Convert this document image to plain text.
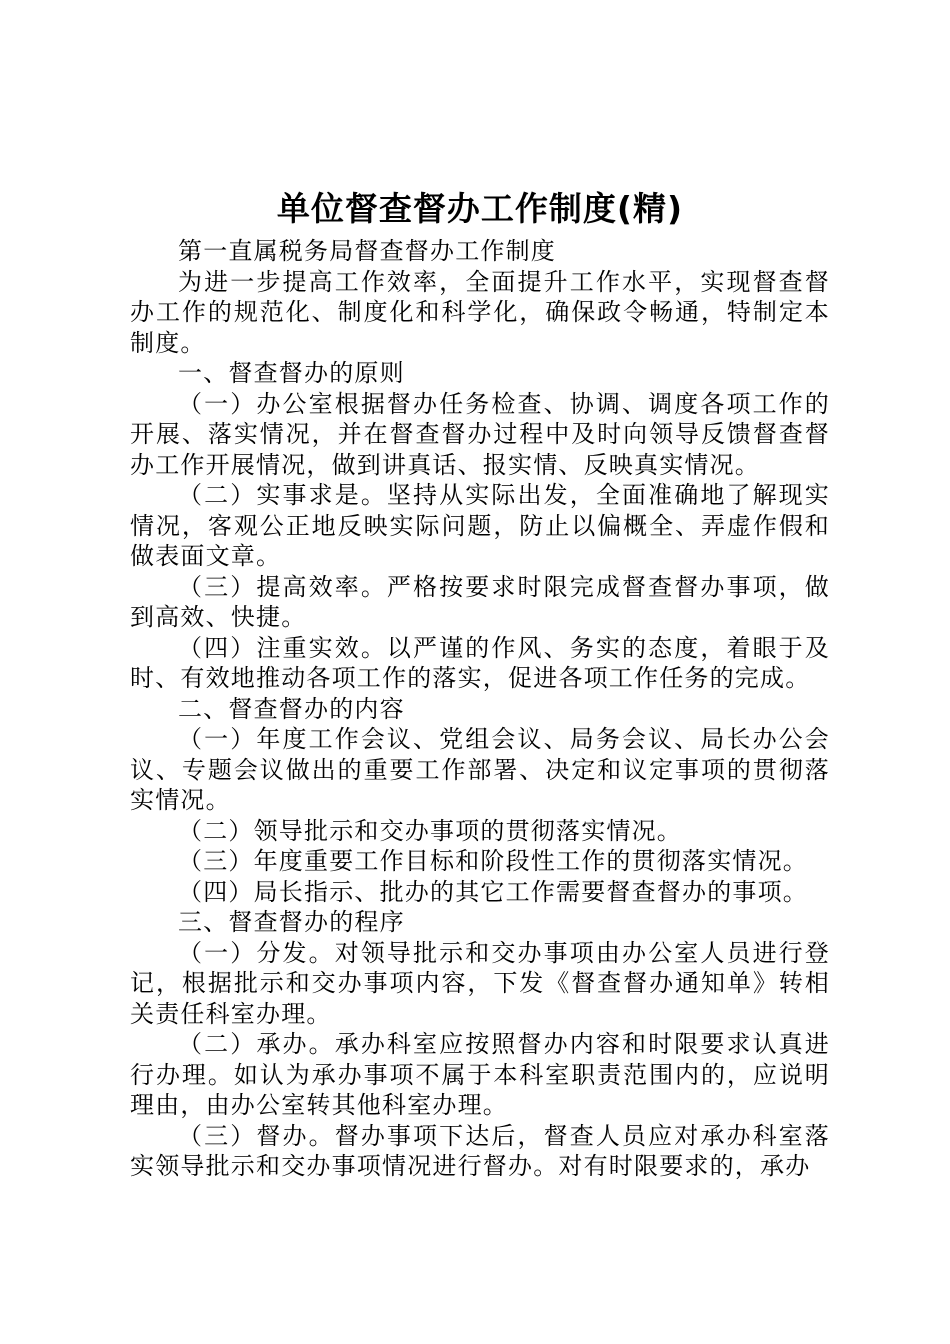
单位督查督办工作制度(精)

第一直属税务局督查督办工作制度

为进一步提高工作效率，全面提升工作水平，实现督查督办工作的规范化、制度化和科学化，确保政令畅通，特制定本制度。

一、督查督办的原则

（一）办公室根据督办任务检查、协调、调度各项工作的开展、落实情况，并在督查督办过程中及时向领导反馈督查督办工作开展情况，做到讲真话、报实情、反映真实情况。

（二）实事求是。坚持从实际出发，全面准确地了解现实情况，客观公正地反映实际问题，防止以偏概全、弄虚作假和做表面文章。

（三）提高效率。严格按要求时限完成督查督办事项，做到高效、快捷。

（四）注重实效。以严谨的作风、务实的态度，着眼于及时、有效地推动各项工作的落实，促进各项工作任务的完成。

二、督查督办的内容

（一）年度工作会议、党组会议、局务会议、局长办公会议、专题会议做出的重要工作部署、决定和议定事项的贯彻落实情况。

（二）领导批示和交办事项的贯彻落实情况。

（三）年度重要工作目标和阶段性工作的贯彻落实情况。

（四）局长指示、批办的其它工作需要督查督办的事项。

三、督查督办的程序

（一）分发。对领导批示和交办事项由办公室人员进行登记，根据批示和交办事项内容，下发《督查督办通知单》转相关责任科室办理。

（二）承办。承办科室应按照督办内容和时限要求认真进行办理。如认为承办事项不属于本科室职责范围内的，应说明理由，由办公室转其他科室办理。

（三）督办。督办事项下达后，督查人员应对承办科室落实领导批示和交办事项情况进行督办。对有时限要求的，承办
